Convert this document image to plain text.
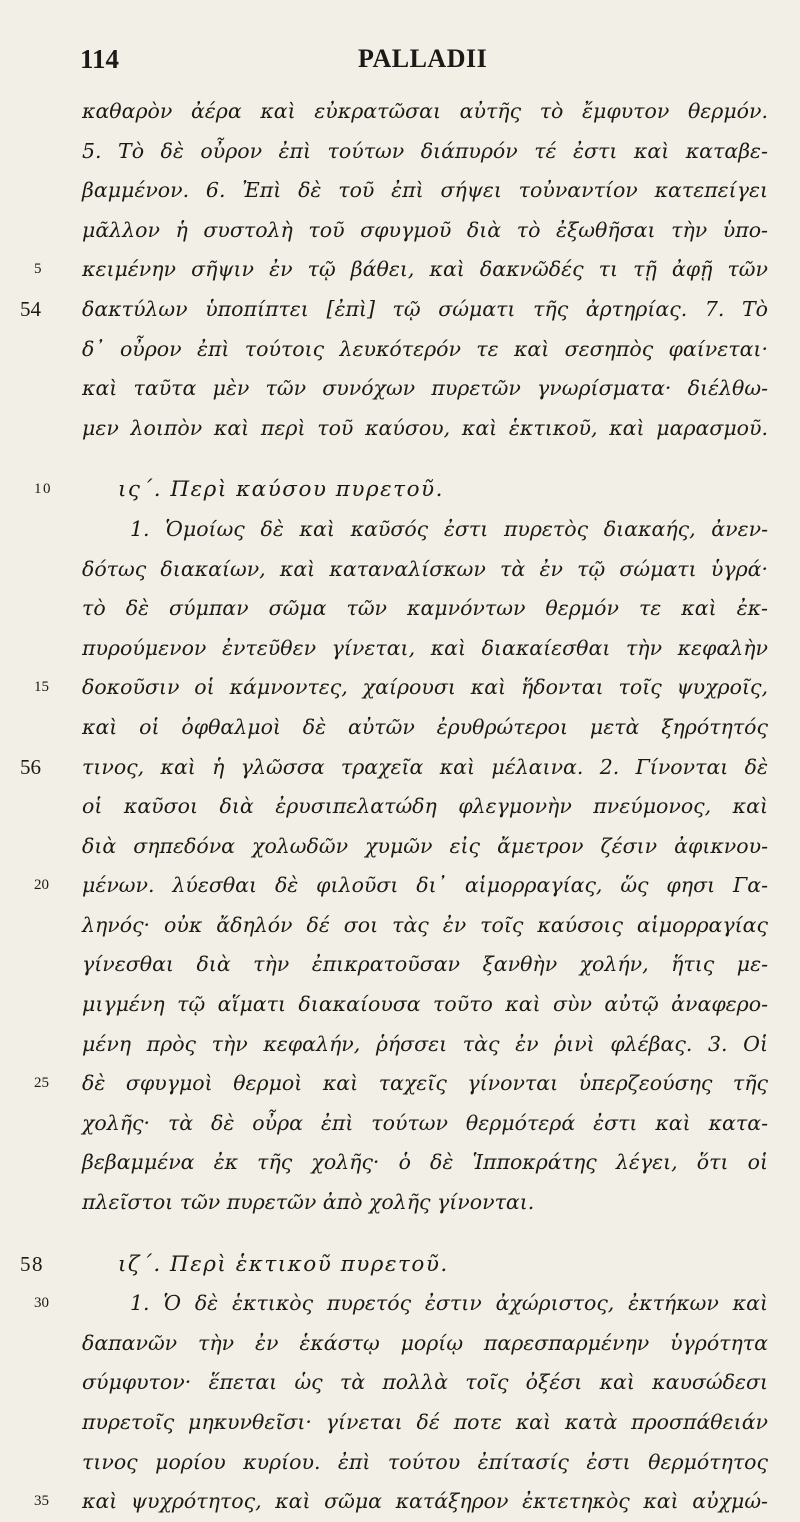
114	PALLADII
καθαρὸν ἀέρα καὶ εὐκρατῶσαι αὐτῆς τὸ ἔμφυτον θερμόν.
5. Τὸ δὲ οὖρον ἐπὶ τούτων διάπυρόν τέ ἐστι καὶ καταβε-
βαμμένον. 6. Ἐπὶ δὲ τοῦ ἐπὶ σήψει τοὐναντίον κατεπείγει
μᾶλλον ἡ συστολὴ τοῦ σφυγμοῦ διὰ τὸ ἐξωθῆσαι τὴν ὑπο-
5	κειμένην σῆψιν ἐν τῷ βάθει, καὶ δακνῶδές τι τῇ ἀφῇ τῶν
54 δακτύλων ὑποπίπτει [ἐπὶ] τῷ σώματι τῆς ἀρτηρίας. 7. Τὸ
δ᾽ οὖρον ἐπὶ τούτοις λευκότερόν τε καὶ σεσηπὸς φαίνεται·
καὶ ταῦτα μὲν τῶν συνόχων πυρετῶν γνωρίσματα· διέλθω-
μεν λοιπὸν καὶ περὶ τοῦ καύσου, καὶ ἑκτικοῦ, καὶ μαρασμοῦ.
10	ις΄. Περὶ καύσου πυρετοῦ.
1. Ὁμοίως δὲ καὶ καῦσός ἐστι πυρετὸς διακαής, ἀνεν-
δότως διακαίων, καὶ καταναλίσκων τὰ ἐν τῷ σώματι ὑγρά·
τὸ δὲ σύμπαν σῶμα τῶν καμνόντων θερμόν τε καὶ ἐκ-
πυρούμενον ἐντεῦθεν γίνεται, καὶ διακαίεσθαι τὴν κεφαλὴν
15	δοκοῦσιν οἱ κάμνοντες, χαίρουσι καὶ ἥδονται τοῖς ψυχροῖς,
καὶ οἱ ὀφθαλμοὶ δὲ αὐτῶν ἐρυθρώτεροι μετὰ ξηρότητός
56 τινος, καὶ ἡ γλῶσσα τραχεῖα καὶ μέλαινα. 2. Γίνονται δὲ
οἱ καῦσοι διὰ ἐρυσιπελατώδη φλεγμονὴν πνεύμονος, καὶ
διὰ σηπεδόνα χολωδῶν χυμῶν εἰς ἄμετρον ζέσιν ἀφικνου-
20	μένων. λύεσθαι δὲ φιλοῦσι δι᾽ αἱμορραγίας, ὥς φησι Γα-
ληνός· οὐκ ἄδηλόν δέ σοι τὰς ἐν τοῖς καύσοις αἱμορραγίας
γίνεσθαι διὰ τὴν ἐπικρατοῦσαν ξανθὴν χολήν, ἥτις με-
μιγμένη τῷ αἵματι διακαίουσα τοῦτο καὶ σὺν αὐτῷ ἀναφερο-
μένη πρὸς τὴν κεφαλήν, ῥήσσει τὰς ἐν ῥινὶ φλέβας. 3. Οἱ
25	δὲ σφυγμοὶ θερμοὶ καὶ ταχεῖς γίνονται ὑπερζεούσης τῆς
χολῆς· τὰ δὲ οὖρα ἐπὶ τούτων θερμότερά ἐστι καὶ κατα-
βεβαμμένα ἐκ τῆς χολῆς· ὁ δὲ Ἱπποκράτης λέγει, ὅτι οἱ
πλεῖστοι τῶν πυρετῶν ἀπὸ χολῆς γίνονται.
58	ιζ΄. Περὶ ἑκτικοῦ πυρετοῦ.
30	1. Ὁ δὲ ἑκτικὸς πυρετός ἐστιν ἀχώριστος, ἐκτήκων καὶ
δαπανῶν τὴν ἐν ἑκάστῳ μορίῳ παρεσπαρμένην ὑγρότητα
σύμφυτον· ἕπεται ὡς τὰ πολλὰ τοῖς ὀξέσι καὶ καυσώδεσι
πυρετοῖς μηκυνθεῖσι· γίνεται δέ ποτε καὶ κατὰ προσπάθειάν
τινος μορίου κυρίου. ἐπὶ τούτου ἐπίτασίς ἐστι θερμότητος
35	καὶ ψυχρότητος, καὶ σῶμα κατάξηρον ἐκτετηκὸς καὶ αὐχμώ-
